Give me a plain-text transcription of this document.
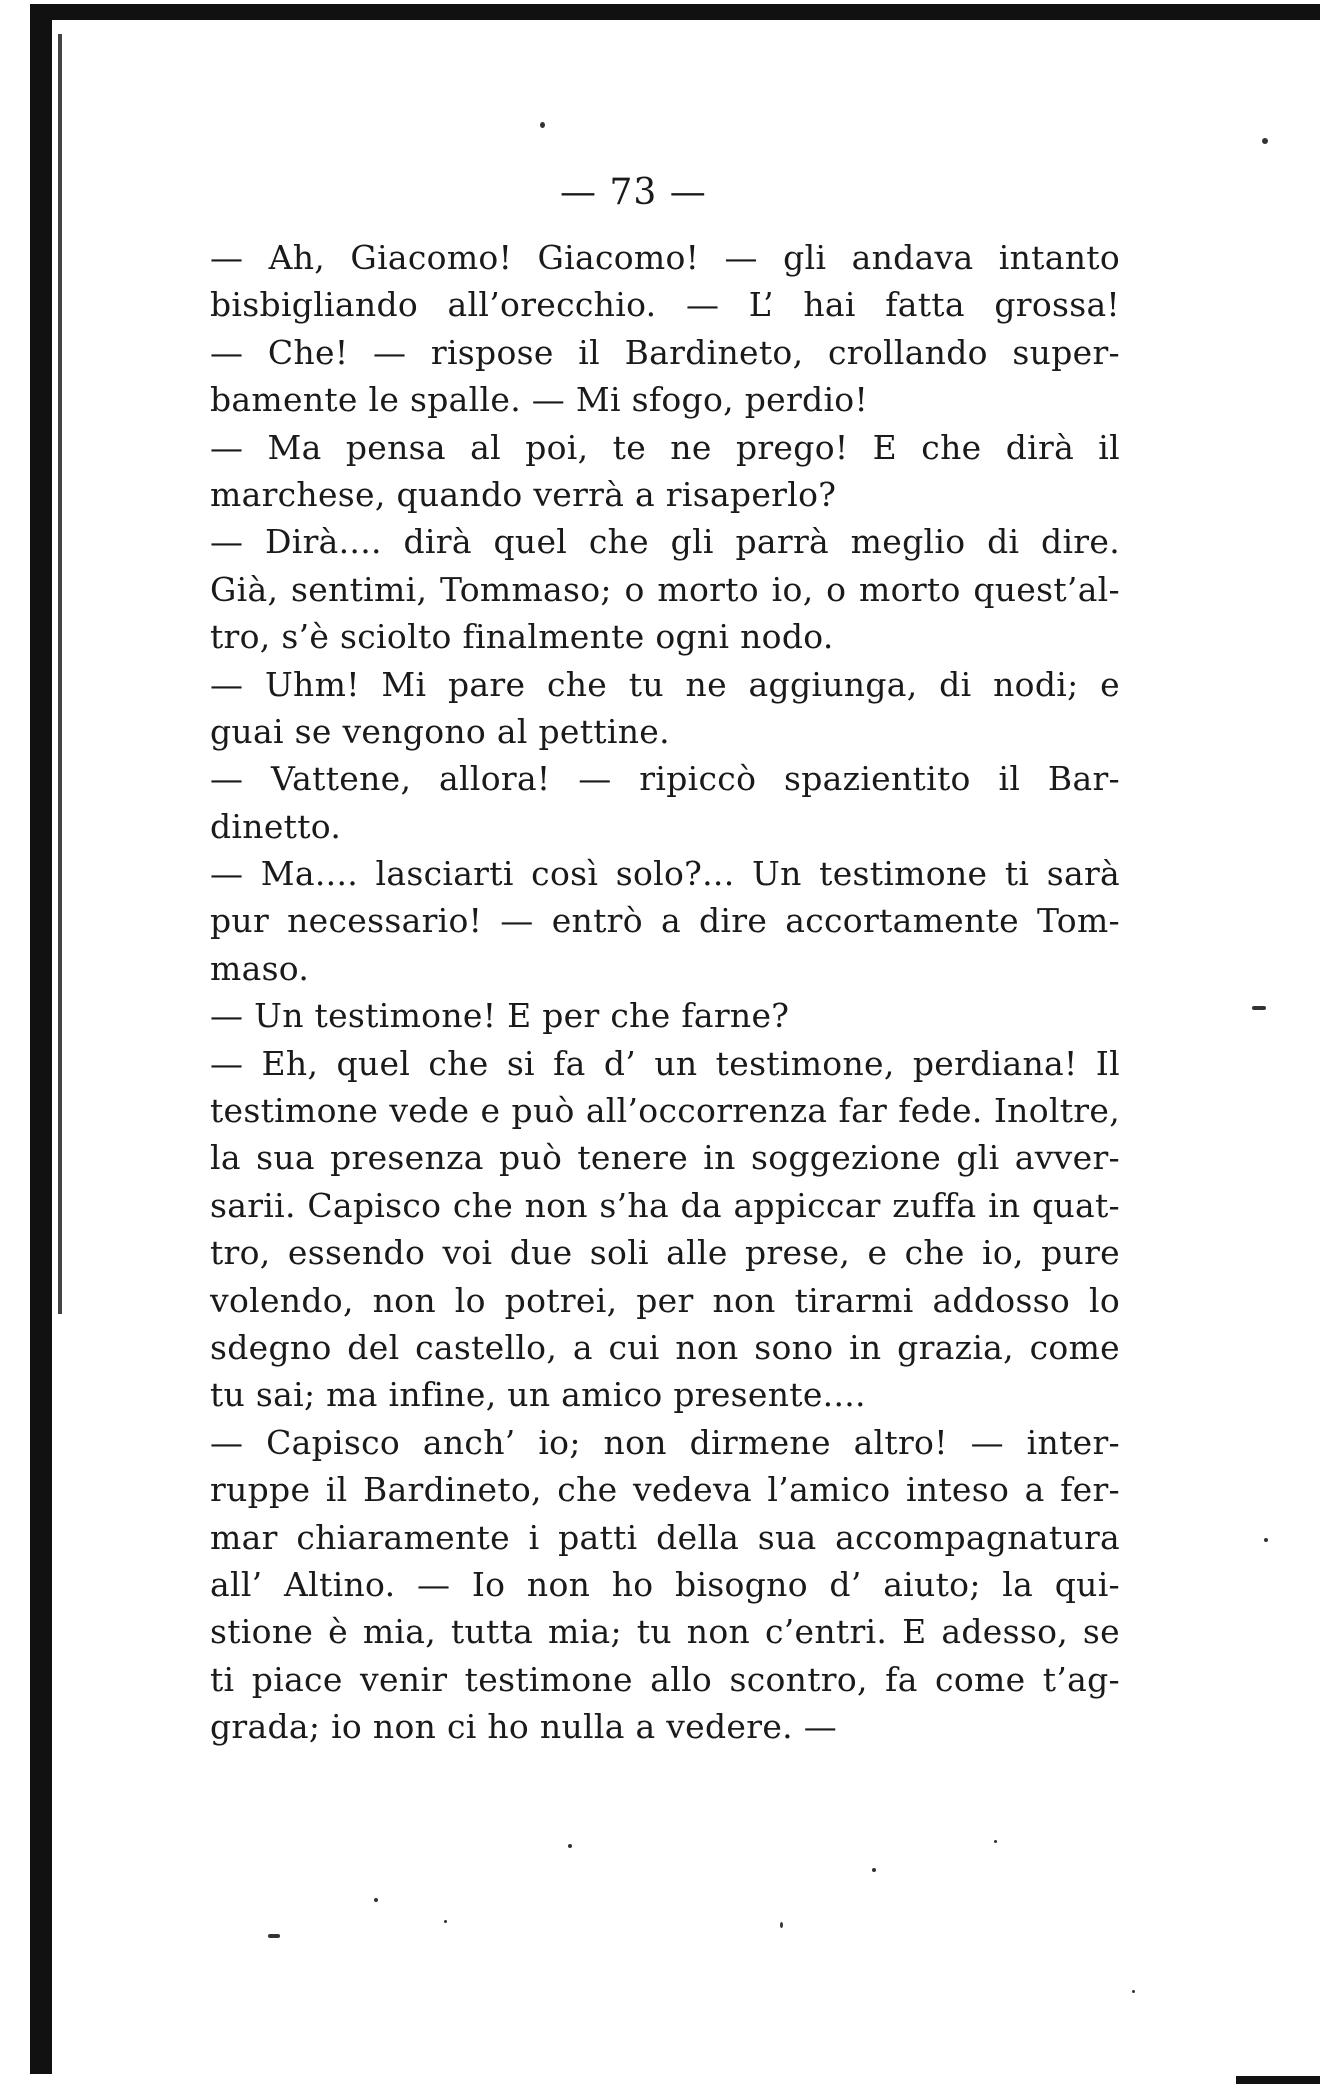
— 73 —
— Ah, Giacomo! Giacomo! — gli andava intanto
bisbigliando all’orecchio. — L’ hai fatta grossa!
— Che! — rispose il Bardineto, crollando super-
bamente le spalle. — Mi sfogo, perdio!
— Ma pensa al poi, te ne prego! E che dirà il
marchese, quando verrà a risaperlo?
— Dirà.... dirà quel che gli parrà meglio di dire.
Già, sentimi, Tommaso; o morto io, o morto quest’al-
tro, s’è sciolto finalmente ogni nodo.
— Uhm! Mi pare che tu ne aggiunga, di nodi; e
guai se vengono al pettine.
— Vattene, allora! — ripiccò spazientito il Bar-
dinetto.
— Ma.... lasciarti così solo?... Un testimone ti sarà
pur necessario! — entrò a dire accortamente Tom-
maso.
— Un testimone! E per che farne?
— Eh, quel che si fa d’ un testimone, perdiana! Il
testimone vede e può all’occorrenza far fede. Inoltre,
la sua presenza può tenere in soggezione gli avver-
sarii. Capisco che non s’ha da appiccar zuffa in quat-
tro, essendo voi due soli alle prese, e che io, pure
volendo, non lo potrei, per non tirarmi addosso lo
sdegno del castello, a cui non sono in grazia, come
tu sai; ma infine, un amico presente....
— Capisco anch’ io; non dirmene altro! — inter-
ruppe il Bardineto, che vedeva l’amico inteso a fer-
mar chiaramente i patti della sua accompagnatura
all’ Altino. — Io non ho bisogno d’ aiuto; la qui-
stione è mia, tutta mia; tu non c’entri. E adesso, se
ti piace venir testimone allo scontro, fa come t’ag-
grada; io non ci ho nulla a vedere. —
